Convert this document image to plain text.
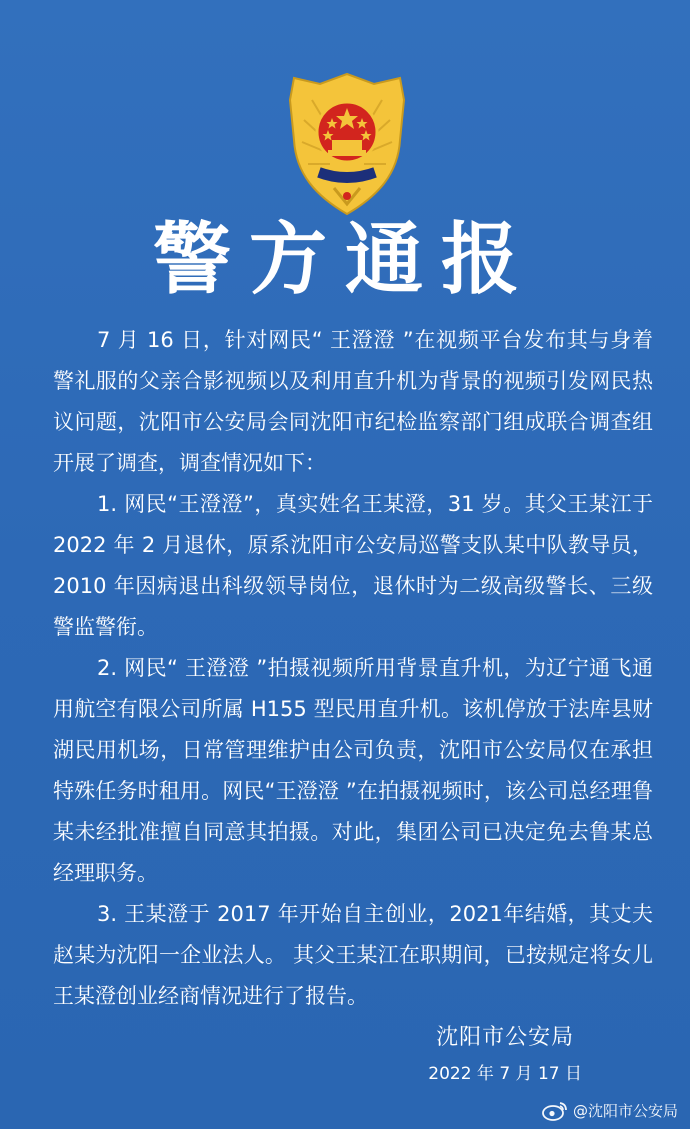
警方通报

7 月 16 日，针对网民“ 王澄澄 ”在视频平台发布其与身着警礼服的父亲合影视频以及利用直升机为背景的视频引发网民热议问题，沈阳市公安局会同沈阳市纪检监察部门组成联合调查组开展了调查，调查情况如下：

1. 网民“王澄澄”，真实姓名王某澄，31 岁。其父王某江于 2022 年 2 月退休，原系沈阳市公安局巡警支队某中队教导员，2010 年因病退出科级领导岗位，退休时为二级高级警长、三级警监警衔。

2. 网民“ 王澄澄 ”拍摄视频所用背景直升机，为辽宁通飞通用航空有限公司所属 H155 型民用直升机。该机停放于法库县财湖民用机场，日常管理维护由公司负责，沈阳市公安局仅在承担特殊任务时租用。网民“王澄澄 ”在拍摄视频时，该公司总经理鲁某未经批准擅自同意其拍摄。对此，集团公司已决定免去鲁某总经理职务。

3. 王某澄于 2017 年开始自主创业，2021年结婚，其丈夫赵某为沈阳一企业法人。 其父王某江在职期间，已按规定将女儿王某澄创业经商情况进行了报告。

沈阳市公安局
2022 年 7 月 17 日
@沈阳市公安局
